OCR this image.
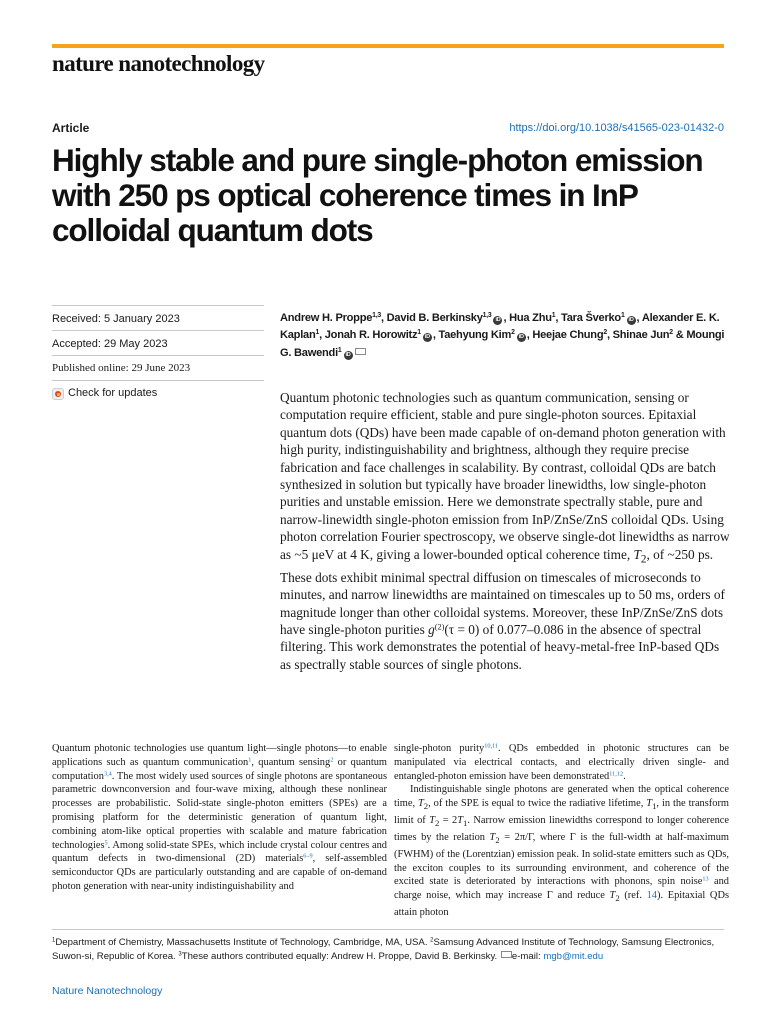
nature nanotechnology
Article	https://doi.org/10.1038/s41565-023-01432-0
Highly stable and pure single-photon emission with 250 ps optical coherence times in InP colloidal quantum dots
Received: 5 January 2023
Accepted: 29 May 2023
Published online: 29 June 2023
Check for updates
Andrew H. Proppe$^{1,3}$, David B. Berkinsky$^{1,3}$iD , Hua Zhu$^1$, Tara Šverko$^1$iD , Alexander E. K. Kaplan$^1$, Jonah R. Horowitz$^1$iD , Taehyung Kim$^2$iD , Heejae Chung$^2$, Shinae Jun$^2$ & Moungi G. Bawendi$^1$iD
Quantum photonic technologies such as quantum communication, sensing or computation require efficient, stable and pure single-photon sources. Epitaxial quantum dots (QDs) have been made capable of on-demand photon generation with high purity, indistinguishability and brightness, although they require precise fabrication and face challenges in scalability. By contrast, colloidal QDs are batch synthesized in solution but typically have broader linewidths, low single-photon purities and unstable emission. Here we demonstrate spectrally stable, pure and narrow-linewidth single-photon emission from InP/ZnSe/ZnS colloidal QDs. Using photon correlation Fourier spectroscopy, we observe single-dot linewidths as narrow as ~5 μeV at 4 K, giving a lower-bounded optical coherence time, $T_2$, of ~250 ps. These dots exhibit minimal spectral diffusion on timescales of microseconds to minutes, and narrow linewidths are maintained on timescales up to 50 ms, orders of magnitude longer than other colloidal systems. Moreover, these InP/ZnSe/ZnS dots have single-photon purities $g^{(2)}(\tau = 0)$ of 0.077–0.086 in the absence of spectral filtering. This work demonstrates the potential of heavy-metal-free InP-based QDs as spectrally stable sources of single photons.

Quantum photonic technologies use quantum light—single photons—to enable applications such as quantum communication$^1$, quantum sensing$^2$ or quantum computation$^{3,4}$. The most widely used sources of single photons are spontaneous parametric downconversion and four-wave mixing, although these nonlinear processes are probabilistic. Solid-state single-photon emitters (SPEs) are a promising platform for the deterministic generation of quantum light, combining atom-like optical properties with scalable and mature fabrication technologies$^5$. Among solid-state SPEs, which include crystal colour centres and quantum defects in two-dimensional (2D) materials$^{6-9}$, self-assembled semiconductor QDs are particularly outstanding and are capable of on-demand photon generation with near-unity indistinguishability and

single-photon purity$^{10,11}$. QDs embedded in photonic structures can be manipulated via electrical contacts, and electrically driven single- and entangled-photon emission have been demonstrated$^{11,12}$.

Indistinguishable single photons are generated when the optical coherence time, $T_2$, of the SPE is equal to twice the radiative lifetime, $T_1$, in the transform limit of $T_2 = 2T_1$. Narrow emission linewidths correspond to longer coherence times by the relation $T_2 = 2\pi/\Gamma$, where Γ is the full-width at half-maximum (FWHM) of the (Lorentzian) emission peak. In solid-state emitters such as QDs, the exciton couples to its surrounding environment, and coherence of the excited state is deteriorated by interactions with phonons, spin noise$^{13}$ and charge noise, which may increase Γ and reduce $T_2$ (ref. 14). Epitaxial QDs attain photon

$^1$Department of Chemistry, Massachusetts Institute of Technology, Cambridge, MA, USA. $^2$Samsung Advanced Institute of Technology, Samsung Electronics, Suwon-si, Republic of Korea. $^3$These authors contributed equally: Andrew H. Proppe, David B. Berkinsky. e-mail: mgb@mit.edu
Nature Nanotechnology
